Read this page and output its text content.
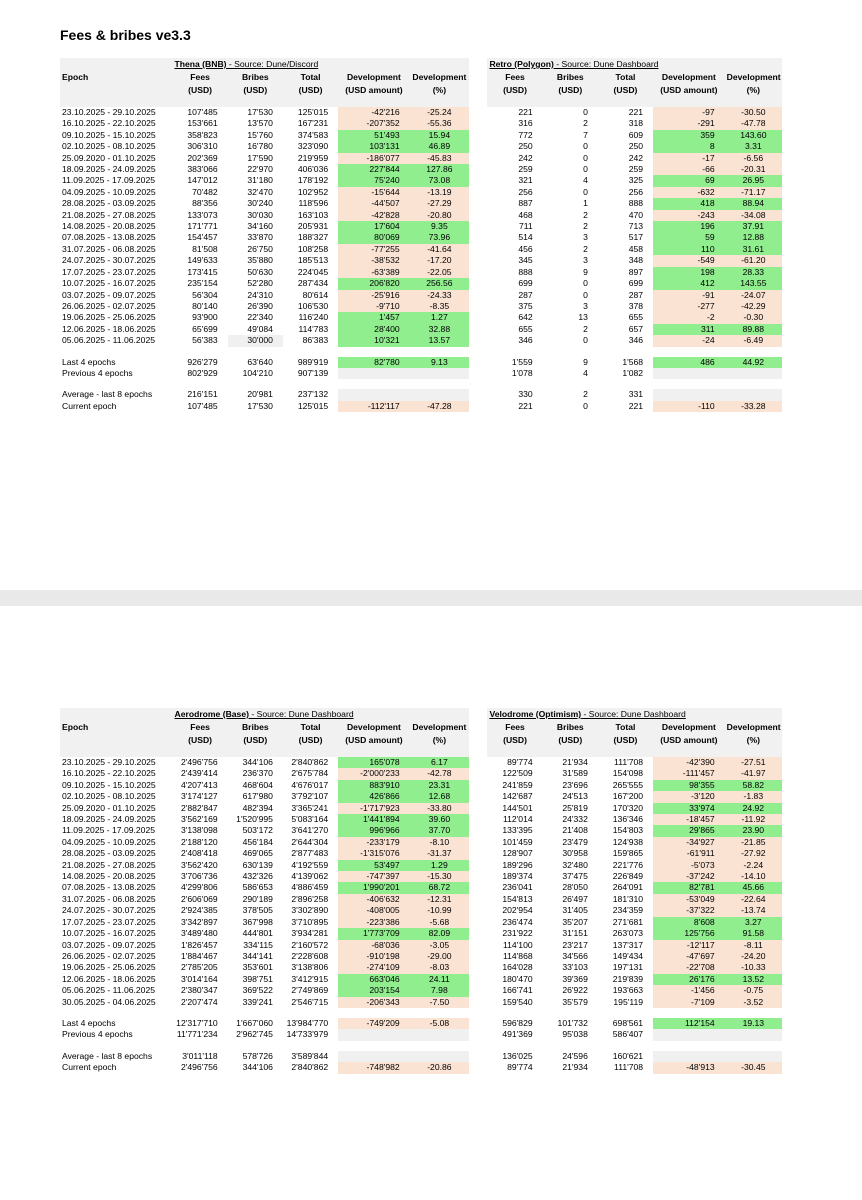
Fees & bribes ve3.3
	Thena (BNB) - Source: Dune/Discord						Retro (Polygon) - Source: Dune Dashboard				
Epoch	Fees	Bribes	Total	Development	Development		Fees	Bribes	Total	Development	Development
	(USD)	(USD)	(USD)	(USD amount)	(%)		(USD)	(USD)	(USD)	(USD amount)	(%)

23.10.2025 - 29.10.2025	107'485	17'530	125'015	-42'216	-25.24		221	0	221	-97	-30.50
16.10.2025 - 22.10.2025	153'661	13'570	167'231	-207'352	-55.36		316	2	318	-291	-47.78
09.10.2025 - 15.10.2025	358'823	15'760	374'583	51'493	15.94		772	7	609	359	143.60
02.10.2025 - 08.10.2025	306'310	16'780	323'090	103'131	46.89		250	0	250	8	3.31
25.09.2020 - 01.10.2025	202'369	17'590	219'959	-186'077	-45.83		242	0	242	-17	-6.56
18.09.2025 - 24.09.2025	383'066	22'970	406'036	227'844	127.86		259	0	259	-66	-20.31
11.09.2025 - 17.09.2025	147'012	31'180	178'192	75'240	73.08		321	4	325	69	26.95
04.09.2025 - 10.09.2025	70'482	32'470	102'952	-15'644	-13.19		256	0	256	-632	-71.17
28.08.2025 - 03.09.2025	88'356	30'240	118'596	-44'507	-27.29		887	1	888	418	88.94
21.08.2025 - 27.08.2025	133'073	30'030	163'103	-42'828	-20.80		468	2	470	-243	-34.08
14.08.2025 - 20.08.2025	171'771	34'160	205'931	17'604	9.35		711	2	713	196	37.91
07.08.2025 - 13.08.2025	154'457	33'870	188'327	80'069	73.96		514	3	517	59	12.88
31.07.2025 - 06.08.2025	81'508	26'750	108'258	-77'255	-41.64		456	2	458	110	31.61
24.07.2025 - 30.07.2025	149'633	35'880	185'513	-38'532	-17.20		345	3	348	-549	-61.20
17.07.2025 - 23.07.2025	173'415	50'630	224'045	-63'389	-22.05		888	9	897	198	28.33
10.07.2025 - 16.07.2025	235'154	52'280	287'434	206'820	256.56		699	0	699	412	143.55
03.07.2025 - 09.07.2025	56'304	24'310	80'614	-25'916	-24.33		287	0	287	-91	-24.07
26.06.2025 - 02.07.2025	80'140	26'390	106'530	-9'710	-8.35		375	3	378	-277	-42.29
19.06.2025 - 25.06.2025	93'900	22'340	116'240	1'457	1.27		642	13	655	-2	-0.30
12.06.2025 - 18.06.2025	65'699	49'084	114'783	28'400	32.88		655	2	657	311	89.88
05.06.2025 - 11.06.2025	56'383	30'000	86'383	10'321	13.57		346	0	346	-24	-6.49

Last 4 epochs	926'279	63'640	989'919	82'780	9.13		1'559	9	1'568	486	44.92
Previous 4 epochs	802'929	104'210	907'139				1'078	4	1'082		

Average - last 8 epochs	216'151	20'981	237'132				330	2	331		
Current epoch	107'485	17'530	125'015	-112'117	-47.28		221	0	221	-110	-33.28
	Aerodrome (Base) - Source: Dune Dashboard						Velodrome (Optimism) - Source: Dune Dashboard				
Epoch	Fees	Bribes	Total	Development	Development		Fees	Bribes	Total	Development	Development
	(USD)	(USD)	(USD)	(USD amount)	(%)		(USD)	(USD)	(USD)	(USD amount)	(%)

23.10.2025 - 29.10.2025	2'496'756	344'106	2'840'862	165'078	6.17		89'774	21'934	111'708	-42'390	-27.51
16.10.2025 - 22.10.2025	2'439'414	236'370	2'675'784	-2'000'233	-42.78		122'509	31'589	154'098	-111'457	-41.97
09.10.2025 - 15.10.2025	4'207'413	468'604	4'676'017	883'910	23.31		241'859	23'696	265'555	98'355	58.82
02.10.2025 - 08.10.2025	3'174'127	617'980	3'792'107	426'866	12.68		142'687	24'513	167'200	-3'120	-1.83
25.09.2020 - 01.10.2025	2'882'847	482'394	3'365'241	-1'717'923	-33.80		144'501	25'819	170'320	33'974	24.92
18.09.2025 - 24.09.2025	3'562'169	1'520'995	5'083'164	1'441'894	39.60		112'014	24'332	136'346	-18'457	-11.92
11.09.2025 - 17.09.2025	3'138'098	503'172	3'641'270	996'966	37.70		133'395	21'408	154'803	29'865	23.90
04.09.2025 - 10.09.2025	2'188'120	456'184	2'644'304	-233'179	-8.10		101'459	23'479	124'938	-34'927	-21.85
28.08.2025 - 03.09.2025	2'408'418	469'065	2'877'483	-1'315'076	-31.37		128'907	30'958	159'865	-61'911	-27.92
21.08.2025 - 27.08.2025	3'562'420	630'139	4'192'559	53'497	1.29		189'296	32'480	221'776	-5'073	-2.24
14.08.2025 - 20.08.2025	3'706'736	432'326	4'139'062	-747'397	-15.30		189'374	37'475	226'849	-37'242	-14.10
07.08.2025 - 13.08.2025	4'299'806	586'653	4'886'459	1'990'201	68.72		236'041	28'050	264'091	82'781	45.66
31.07.2025 - 06.08.2025	2'606'069	290'189	2'896'258	-406'632	-12.31		154'813	26'497	181'310	-53'049	-22.64
24.07.2025 - 30.07.2025	2'924'385	378'505	3'302'890	-408'005	-10.99		202'954	31'405	234'359	-37'322	-13.74
17.07.2025 - 23.07.2025	3'342'897	367'998	3'710'895	-223'386	-5.68		236'474	35'207	271'681	8'608	3.27
10.07.2025 - 16.07.2025	3'489'480	444'801	3'934'281	1'773'709	82.09		231'922	31'151	263'073	125'756	91.58
03.07.2025 - 09.07.2025	1'826'457	334'115	2'160'572	-68'036	-3.05		114'100	23'217	137'317	-12'117	-8.11
26.06.2025 - 02.07.2025	1'884'467	344'141	2'228'608	-910'198	-29.00		114'868	34'566	149'434	-47'697	-24.20
19.06.2025 - 25.06.2025	2'785'205	353'601	3'138'806	-274'109	-8.03		164'028	33'103	197'131	-22'708	-10.33
12.06.2025 - 18.06.2025	3'014'164	398'751	3'412'915	663'046	24.11		180'470	39'369	219'839	26'176	13.52
05.06.2025 - 11.06.2025	2'380'347	369'522	2'749'869	203'154	7.98		166'741	26'922	193'663	-1'456	-0.75
30.05.2025 - 04.06.2025	2'207'474	339'241	2'546'715	-206'343	-7.50		159'540	35'579	195'119	-7'109	-3.52

Last 4 epochs	12'317'710	1'667'060	13'984'770	-749'209	-5.08		596'829	101'732	698'561	112'154	19.13
Previous 4 epochs	11'771'234	2'962'745	14'733'979				491'369	95'038	586'407		

Average - last 8 epochs	3'011'118	578'726	3'589'844				136'025	24'596	160'621		
Current epoch	2'496'756	344'106	2'840'862	-748'982	-20.86		89'774	21'934	111'708	-48'913	-30.45
